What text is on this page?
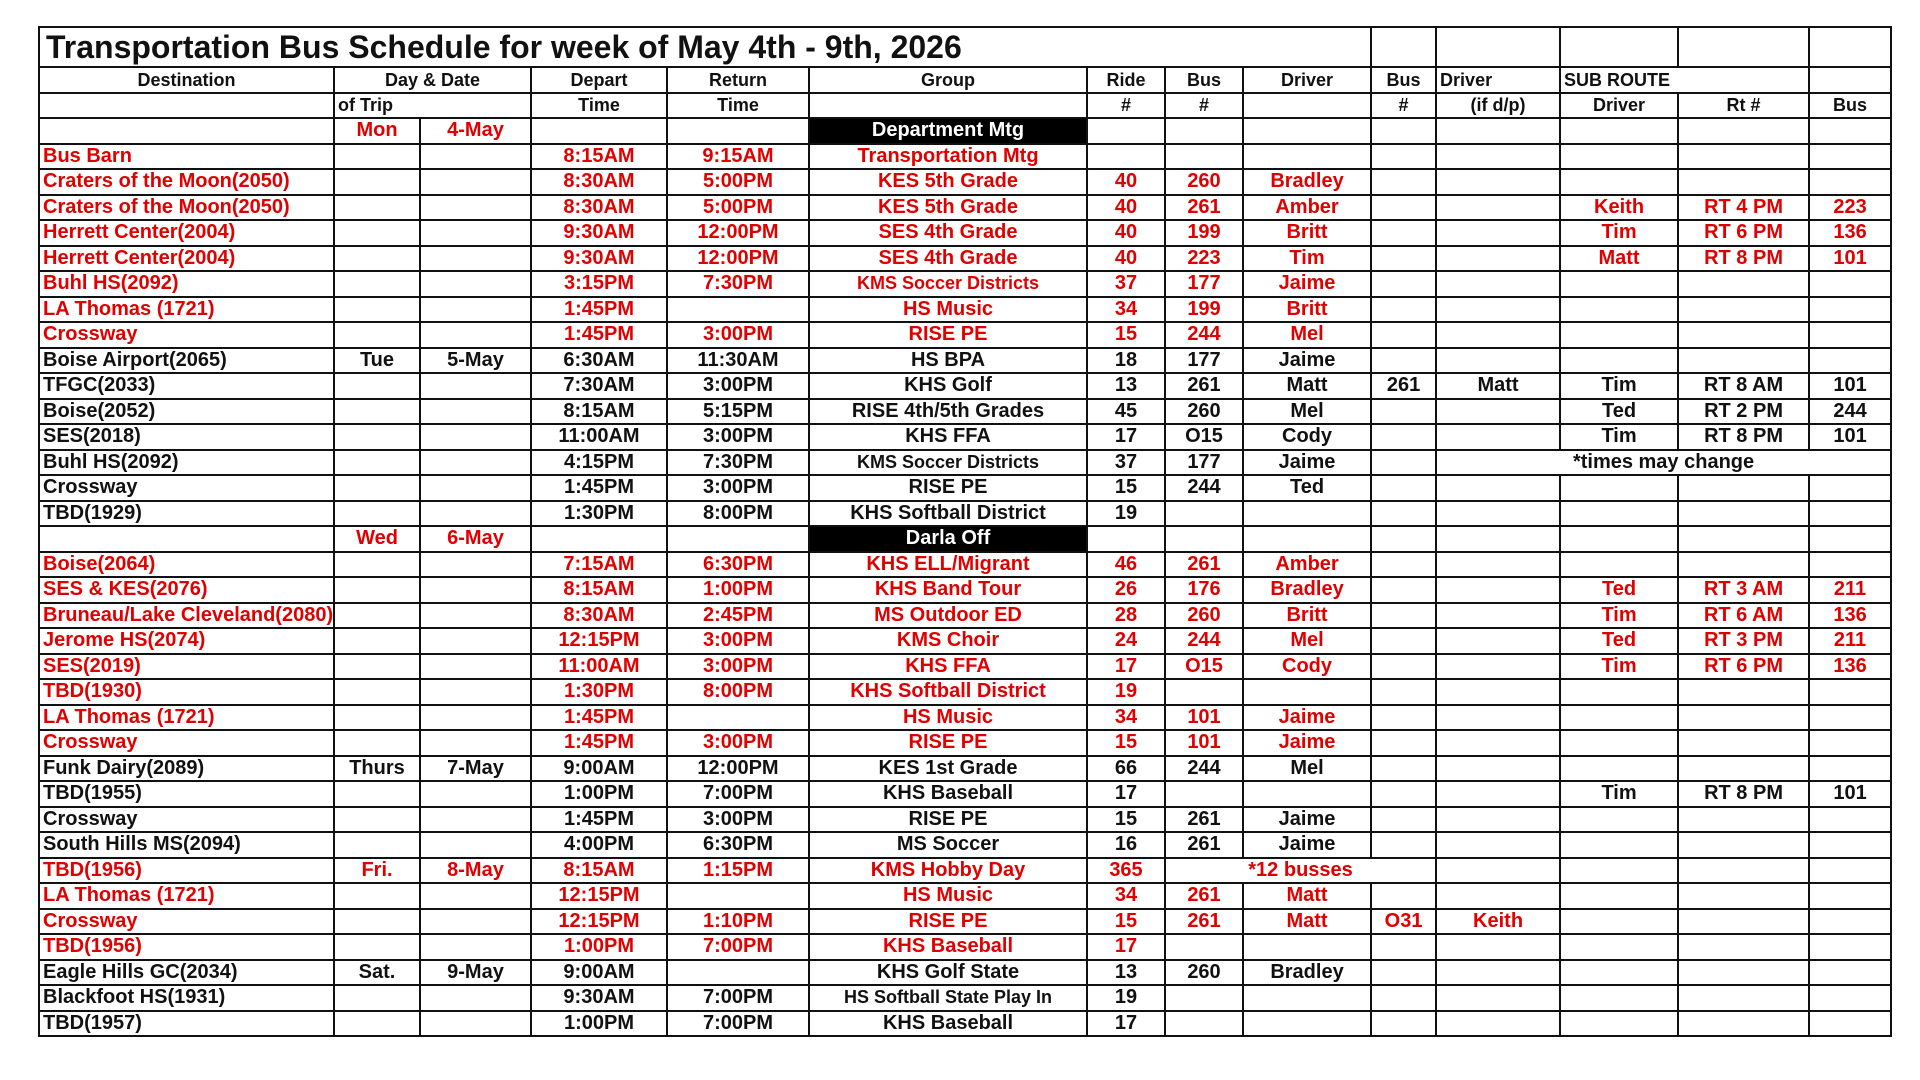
Transportation Bus Schedule for week of May 4th - 9th, 2026														
Destination	Day & Date		Depart	Return	Group	Ride	Bus	Driver	Bus	Driver	SUB ROUTE			
	of Trip		Time	Time		#	#		#	(if d/p)	Driver	Rt #	Bus	
	Mon	4-May			Department Mtg									
Bus Barn			8:15AM	9:15AM	Transportation Mtg									
Craters of the Moon(2050)			8:30AM	5:00PM	KES 5th Grade	40	260	Bradley						
Craters of the Moon(2050)			8:30AM	5:00PM	KES 5th Grade	40	261	Amber			Keith	RT 4 PM	223	
Herrett Center(2004)			9:30AM	12:00PM	SES 4th Grade	40	199	Britt			Tim	RT 6 PM	136	
Herrett Center(2004)			9:30AM	12:00PM	SES 4th Grade	40	223	Tim			Matt	RT 8 PM	101	
Buhl HS(2092)			3:15PM	7:30PM	KMS Soccer Districts	37	177	Jaime						
LA Thomas (1721)			1:45PM		HS Music	34	199	Britt						
Crossway			1:45PM	3:00PM	RISE PE	15	244	Mel						
Boise Airport(2065)	Tue	5-May	6:30AM	11:30AM	HS BPA	18	177	Jaime						
TFGC(2033)			7:30AM	3:00PM	KHS Golf	13	261	Matt	261	Matt	Tim	RT 8 AM	101	
Boise(2052)			8:15AM	5:15PM	RISE 4th/5th Grades	45	260	Mel			Ted	RT 2 PM	244	
SES(2018)			11:00AM	3:00PM	KHS FFA	17	O15	Cody			Tim	RT 8 PM	101	
Buhl HS(2092)			4:15PM	7:30PM	KMS Soccer Districts	37	177	Jaime		*times may change				
Crossway			1:45PM	3:00PM	RISE PE	15	244	Ted						
TBD(1929)			1:30PM	8:00PM	KHS Softball District	19								
	Wed	6-May			Darla Off									
Boise(2064)			7:15AM	6:30PM	KHS ELL/Migrant	46	261	Amber						
SES & KES(2076)			8:15AM	1:00PM	KHS Band Tour	26	176	Bradley			Ted	RT 3 AM	211	
Bruneau/Lake Cleveland(2080)			8:30AM	2:45PM	MS Outdoor ED	28	260	Britt			Tim	RT 6 AM	136	
Jerome HS(2074)			12:15PM	3:00PM	KMS Choir	24	244	Mel			Ted	RT 3 PM	211	
SES(2019)			11:00AM	3:00PM	KHS FFA	17	O15	Cody			Tim	RT 6 PM	136	
TBD(1930)			1:30PM	8:00PM	KHS Softball District	19								
LA Thomas (1721)			1:45PM		HS Music	34	101	Jaime						
Crossway			1:45PM	3:00PM	RISE PE	15	101	Jaime						
Funk Dairy(2089)	Thurs	7-May	9:00AM	12:00PM	KES 1st Grade	66	244	Mel						
TBD(1955)			1:00PM	7:00PM	KHS Baseball	17					Tim	RT 8 PM	101	
Crossway			1:45PM	3:00PM	RISE PE	15	261	Jaime						
South Hills MS(2094)			4:00PM	6:30PM	MS Soccer	16	261	Jaime						
TBD(1956)	Fri.	8-May	8:15AM	1:15PM	KMS Hobby Day	365	*12 busses							
LA Thomas (1721)			12:15PM		HS Music	34	261	Matt						
Crossway			12:15PM	1:10PM	RISE PE	15	261	Matt	O31	Keith				
TBD(1956)			1:00PM	7:00PM	KHS Baseball	17								
Eagle Hills GC(2034)	Sat.	9-May	9:00AM		KHS Golf State	13	260	Bradley						
Blackfoot HS(1931)			9:30AM	7:00PM	HS Softball State Play In	19								
TBD(1957)			1:00PM	7:00PM	KHS Baseball	17								
